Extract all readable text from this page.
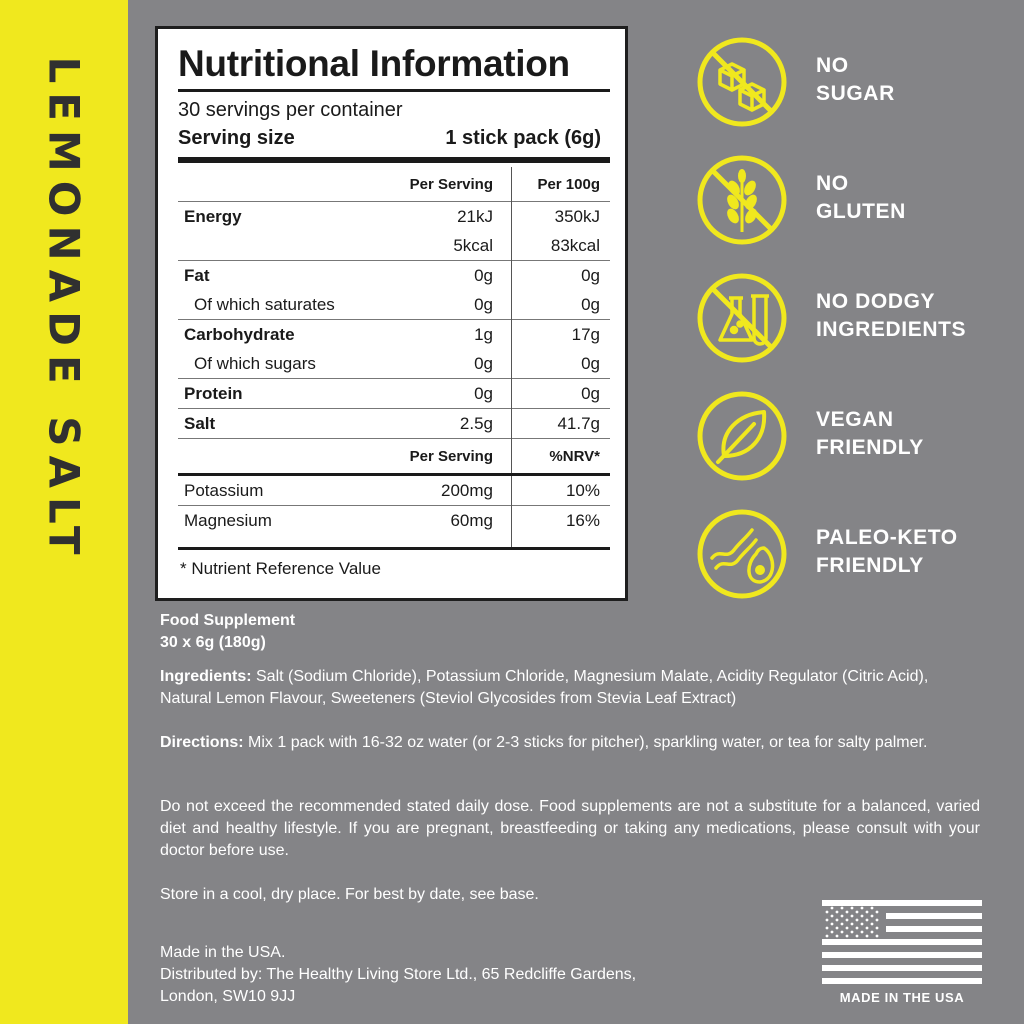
LEMONADE SALT Nutritional Information
30 servings per container
Serving size	1 stick pack (6g)
	Per Serving	Per 100g
Energy	21kJ	350kJ
	5kcal	83kcal
Fat	0g	0g
Of which saturates	0g	0g
Carbohydrate	1g	17g
Of which sugars	0g	0g
Protein	0g	0g
Salt	2.5g	41.7g
	Per Serving	%NRV*
Potassium	200mg	10%
Magnesium	60mg	16%

* Nutrient Reference Value
NO
SUGAR
NO
GLUTEN
NO DODGY
INGREDIENTS
VEGAN
FRIENDLY
PALEO-KETO
FRIENDLY

Food Supplement

30 x 6g (180g)

Ingredients: Salt (Sodium Chloride), Potassium Chloride, Magnesium Malate, Acidity Regulator (Citric Acid), Natural Lemon Flavour, Sweeteners (Steviol Glycosides from Stevia Leaf Extract)

Directions: Mix 1 pack with 16-32 oz water (or 2-3 sticks for pitcher), sparkling water, or tea for salty palmer.

Do not exceed the recommended stated daily dose. Food supplements are not a substitute for a balanced, varied diet and healthy lifestyle. If you are pregnant, breastfeeding or taking any medications, please consult with your doctor before use.

Store in a cool, dry place. For best by date, see base.

Made in the USA.
Distributed by: The Healthy Living Store Ltd., 65 Redcliffe Gardens,
London, SW10 9JJ	MADE IN THE USA
